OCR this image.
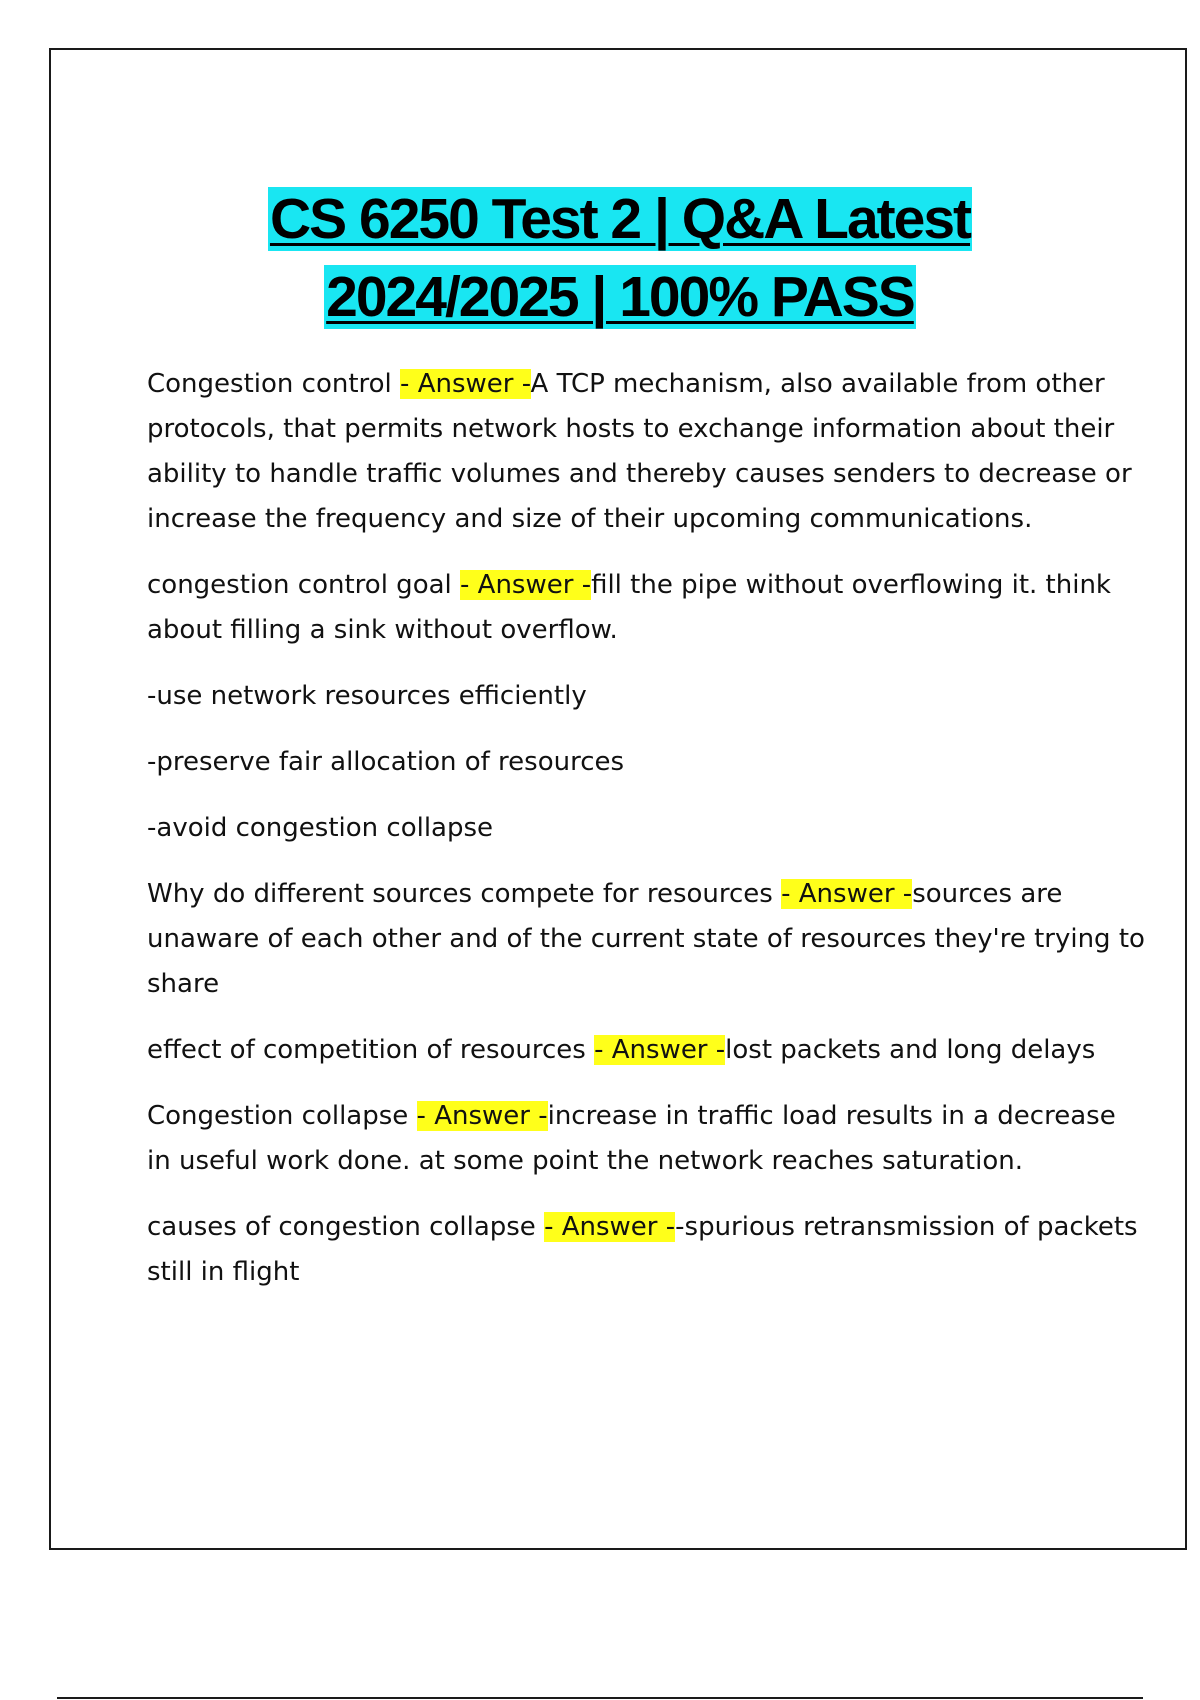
CS 6250 Test 2 | Q&A Latest
2024/2025 | 100% PASS

Congestion control - Answer -A TCP mechanism, also available from other protocols, that permits network hosts to exchange information about their ability to handle traffic volumes and thereby causes senders to decrease or increase the frequency and size of their upcoming communications.

congestion control goal - Answer -fill the pipe without overflowing it. think about filling a sink without overflow.

-use network resources efficiently

-preserve fair allocation of resources

-avoid congestion collapse

Why do different sources compete for resources - Answer -sources are unaware of each other and of the current state of resources they're trying to share

effect of competition of resources - Answer -lost packets and long delays

Congestion collapse - Answer -increase in traffic load results in a decrease in useful work done. at some point the network reaches saturation.

causes of congestion collapse - Answer --spurious retransmission of packets still in flight
